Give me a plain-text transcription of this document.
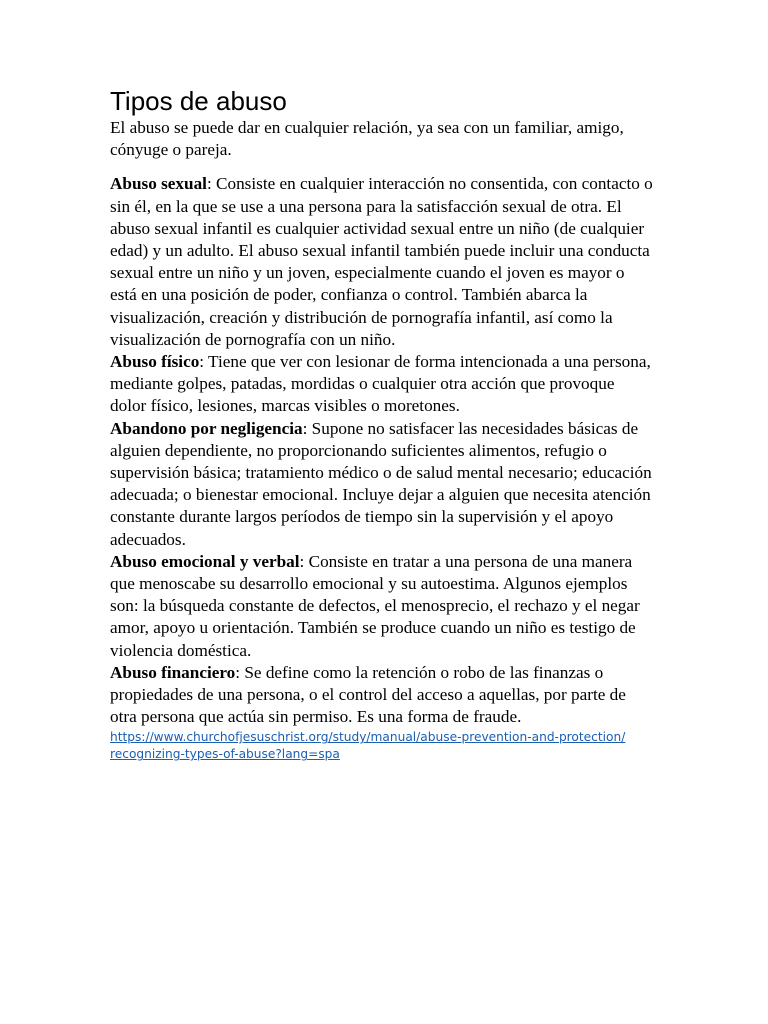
Tipos de abuso

El abuso se puede dar en cualquier relación, ya sea con un familiar, amigo, cónyuge o pareja.

Abuso sexual: Consiste en cualquier interacción no consentida, con contacto o sin él, en la que se use a una persona para la satisfacción sexual de otra. El abuso sexual infantil es cualquier actividad sexual entre un niño (de cualquier edad) y un adulto. El abuso sexual infantil también puede incluir una conducta sexual entre un niño y un joven, especialmente cuando el joven es mayor o está en una posición de poder, confianza o control. También abarca la visualización, creación y distribución de pornografía infantil, así como la visualización de pornografía con un niño.

Abuso físico: Tiene que ver con lesionar de forma intencionada a una persona, mediante golpes, patadas, mordidas o cualquier otra acción que provoque dolor físico, lesiones, marcas visibles o moretones.

Abandono por negligencia: Supone no satisfacer las necesidades básicas de alguien dependiente, no proporcionando suficientes alimentos, refugio o supervisión básica; tratamiento médico o de salud mental necesario; educación adecuada; o bienestar emocional. Incluye dejar a alguien que necesita atención constante durante largos períodos de tiempo sin la supervisión y el apoyo adecuados.

Abuso emocional y verbal: Consiste en tratar a una persona de una manera que menoscabe su desarrollo emocional y su autoestima. Algunos ejemplos son: la búsqueda constante de defectos, el menosprecio, el rechazo y el negar amor, apoyo u orientación. También se produce cuando un niño es testigo de violencia doméstica.

Abuso financiero: Se define como la retención o robo de las finanzas o propiedades de una persona, o el control del acceso a aquellas, por parte de otra persona que actúa sin permiso. Es una forma de fraude.

https://www.churchofjesuschrist.org/study/manual/abuse-prevention-and-protection/
recognizing-types-of-abuse?lang=spa
